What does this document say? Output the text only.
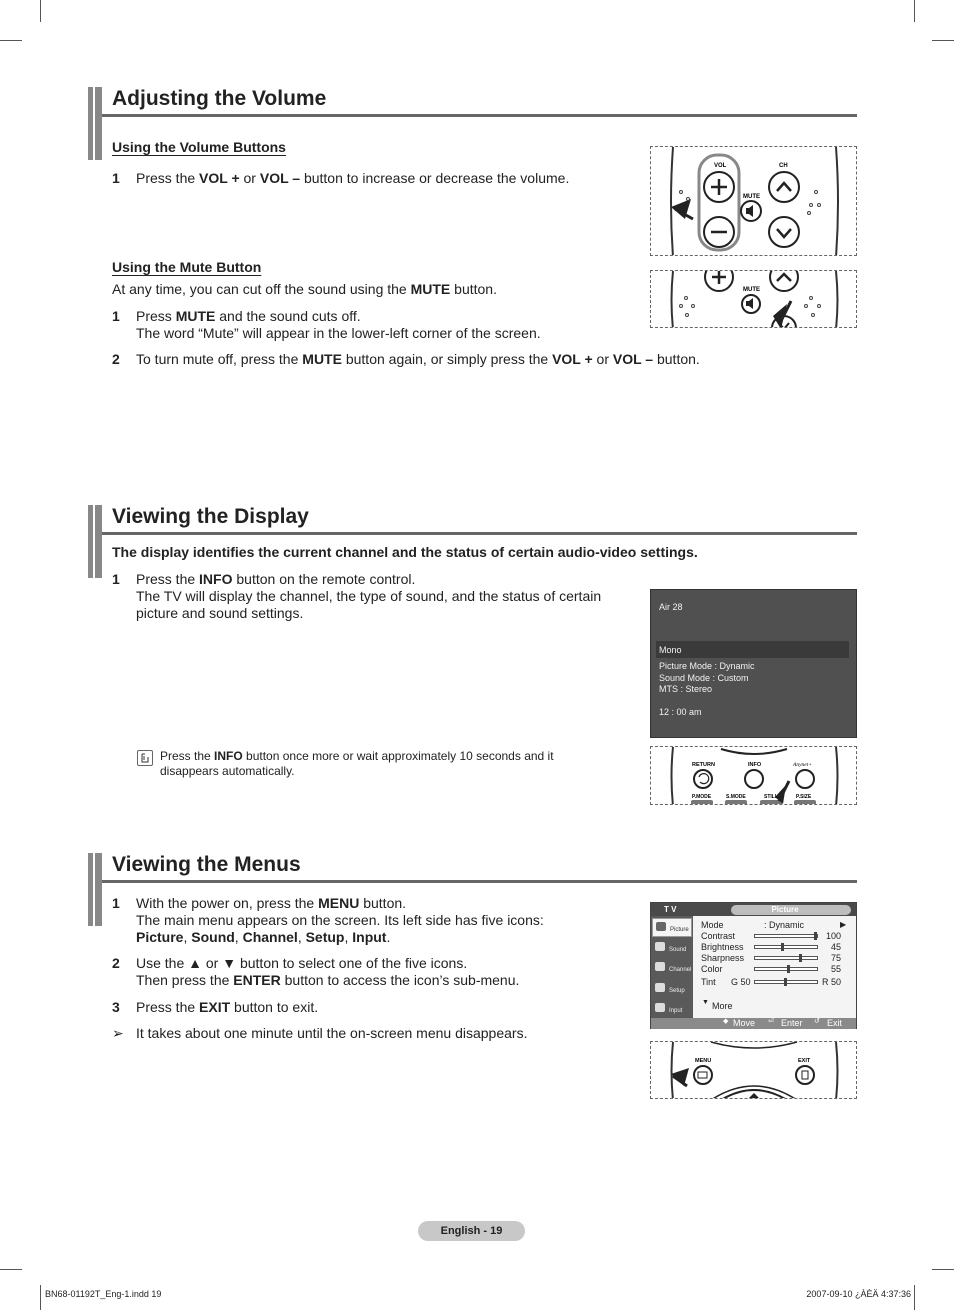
Adjusting the Volume
Using the Volume Buttons
1 Press the VOL + or VOL – button to increase or decrease the volume.
Using the Mute Button
At any time, you can cut off the sound using the MUTE button.
1 Press MUTE and the sound cuts off.
The word “Mute” will appear in the lower-left corner of the screen.
2 To turn mute off, press the MUTE button again, or simply press the VOL + or VOL – button.
VOL	CH
MUTE
MUTE
Viewing the Display
The display identifies the current channel and the status of certain audio-video settings.
1 Press the INFO button on the remote control.
The TV will display the channel, the type of sound, and the status of certain picture and sound settings.
Press the INFO button once more or wait approximately 10 seconds and it disappears automatically.
Air 28
Mono
Picture Mode : Dynamic
Sound Mode : Custom
MTS : Stereo
12 : 00 am
RETURN	INFO	Anynet+
P.MODE	S.MODE	STILL	P.SIZE
Viewing the Menus
1 With the power on, press the MENU button.
The main menu appears on the screen. Its left side has five icons:
Picture, Sound, Channel, Setup, Input.
2 Use the ▲ or ▼ button to select one of the five icons.
Then press the ENTER button to access the icon’s sub-menu.
3 Press the EXIT button to exit.
➢ It takes about one minute until the on-screen menu disappears.
T V	Picture
Picture
Sound
Channel
Setup
Input
Mode	: Dynamic	▶
Contrast	100
Brightness	45
Sharpness	75
Color	55
Tint G 50	R 50
▼ More
◆ Move ⏎ Enter ↺ Exit
MENU	EXIT
English - 19
BN68-01192T_Eng-1.indd 19	2007-09-10 ¿ÀÈÄ 4:37:36
